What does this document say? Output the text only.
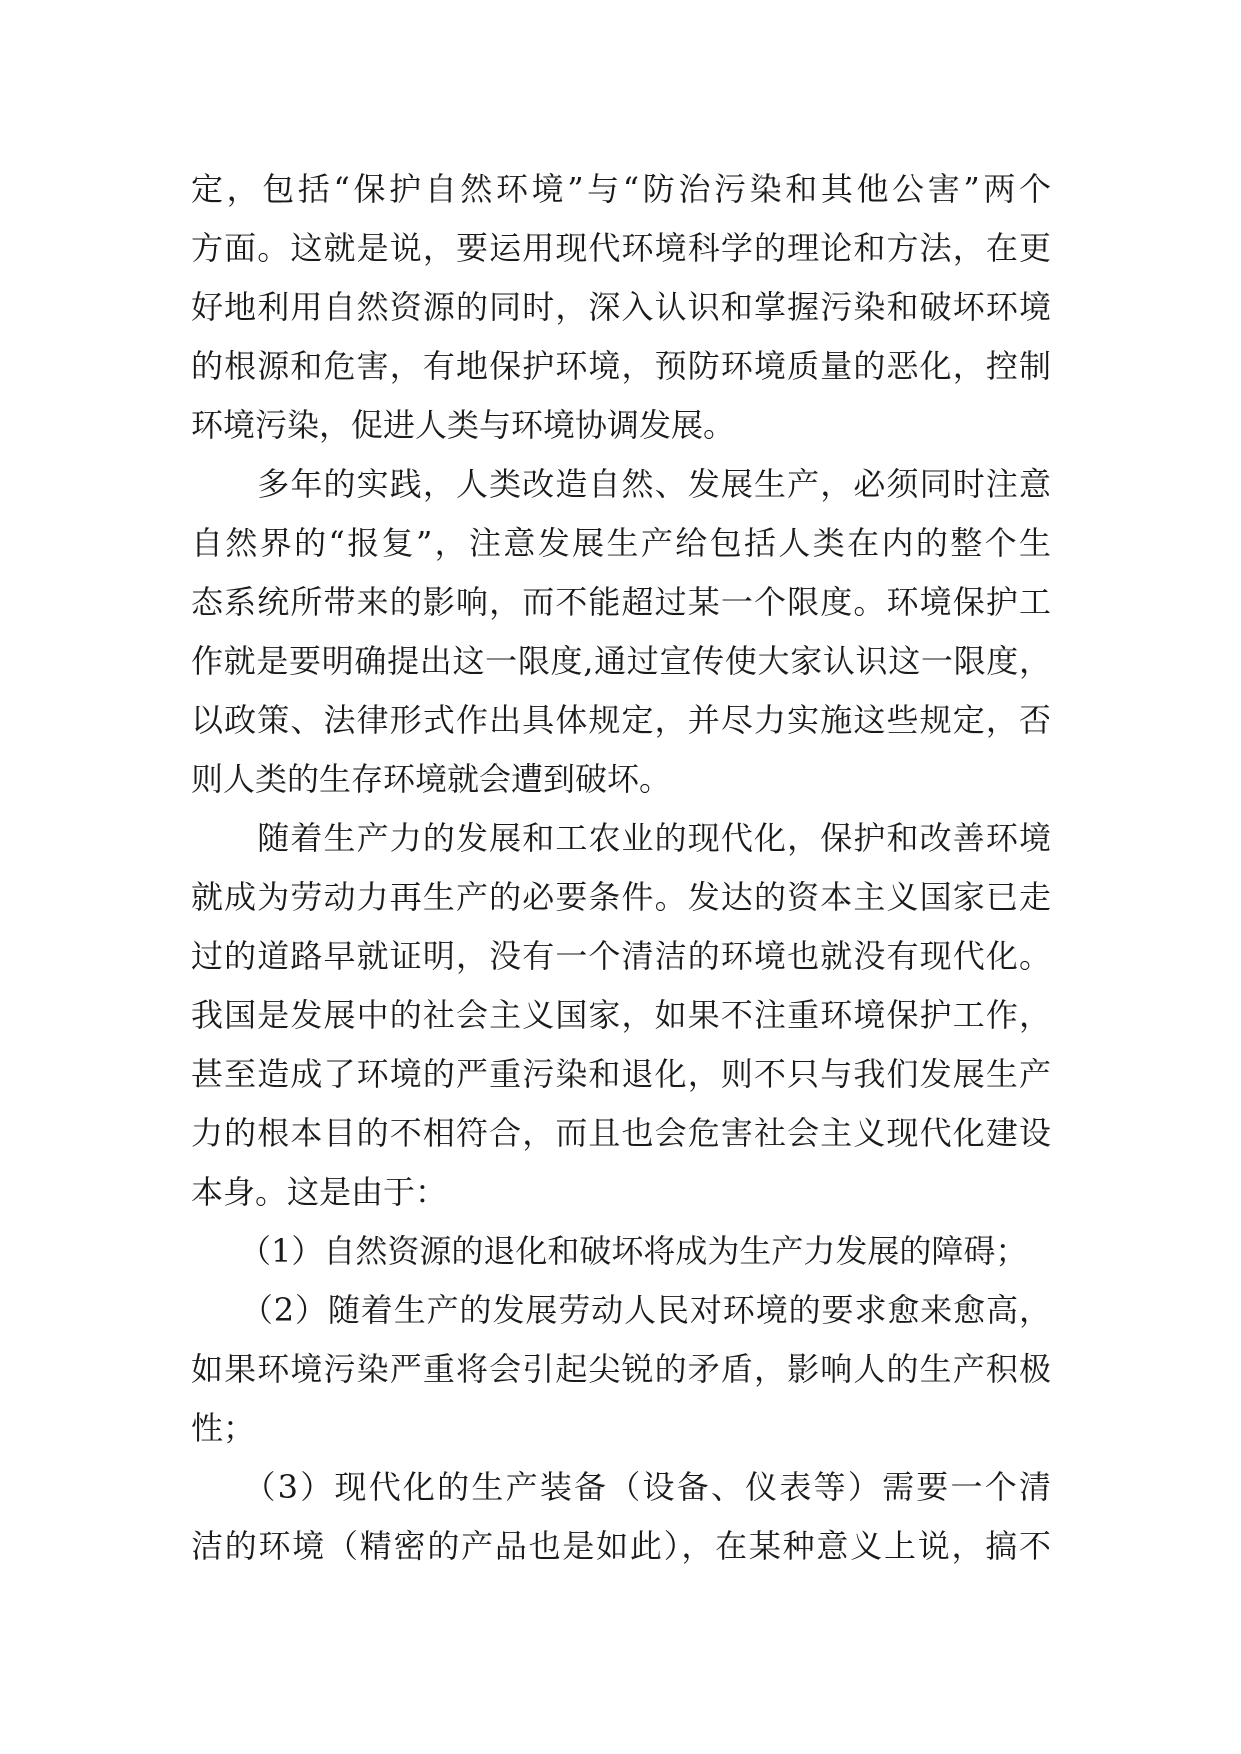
定，包括“保护自然环境”与“防治污染和其他公害”两个
方面。这就是说，要运用现代环境科学的理论和方法，在更
好地利用自然资源的同时，深入认识和掌握污染和破坏环境
的根源和危害，有地保护环境，预防环境质量的恶化，控制
环境污染，促进人类与环境协调发展。
　　多年的实践，人类改造自然、发展生产，必须同时注意
自然界的“报复”，注意发展生产给包括人类在内的整个生
态系统所带来的影响，而不能超过某一个限度。环境保护工
作就是要明确提出这一限度,通过宣传使大家认识这一限度，
以政策、法律形式作出具体规定，并尽力实施这些规定，否
则人类的生存环境就会遭到破坏。
　　随着生产力的发展和工农业的现代化，保护和改善环境
就成为劳动力再生产的必要条件。发达的资本主义国家已走
过的道路早就证明，没有一个清洁的环境也就没有现代化。
我国是发展中的社会主义国家，如果不注重环境保护工作，
甚至造成了环境的严重污染和退化，则不只与我们发展生产
力的根本目的不相符合，而且也会危害社会主义现代化建设
本身。这是由于：
　　（1）自然资源的退化和破坏将成为生产力发展的障碍；
　　（2）随着生产的发展劳动人民对环境的要求愈来愈高，
如果环境污染严重将会引起尖锐的矛盾，影响人的生产积极
性；
　　（3）现代化的生产装备（设备、仪表等）需要一个清
洁的环境（精密的产品也是如此），在某种意义上说，搞不
